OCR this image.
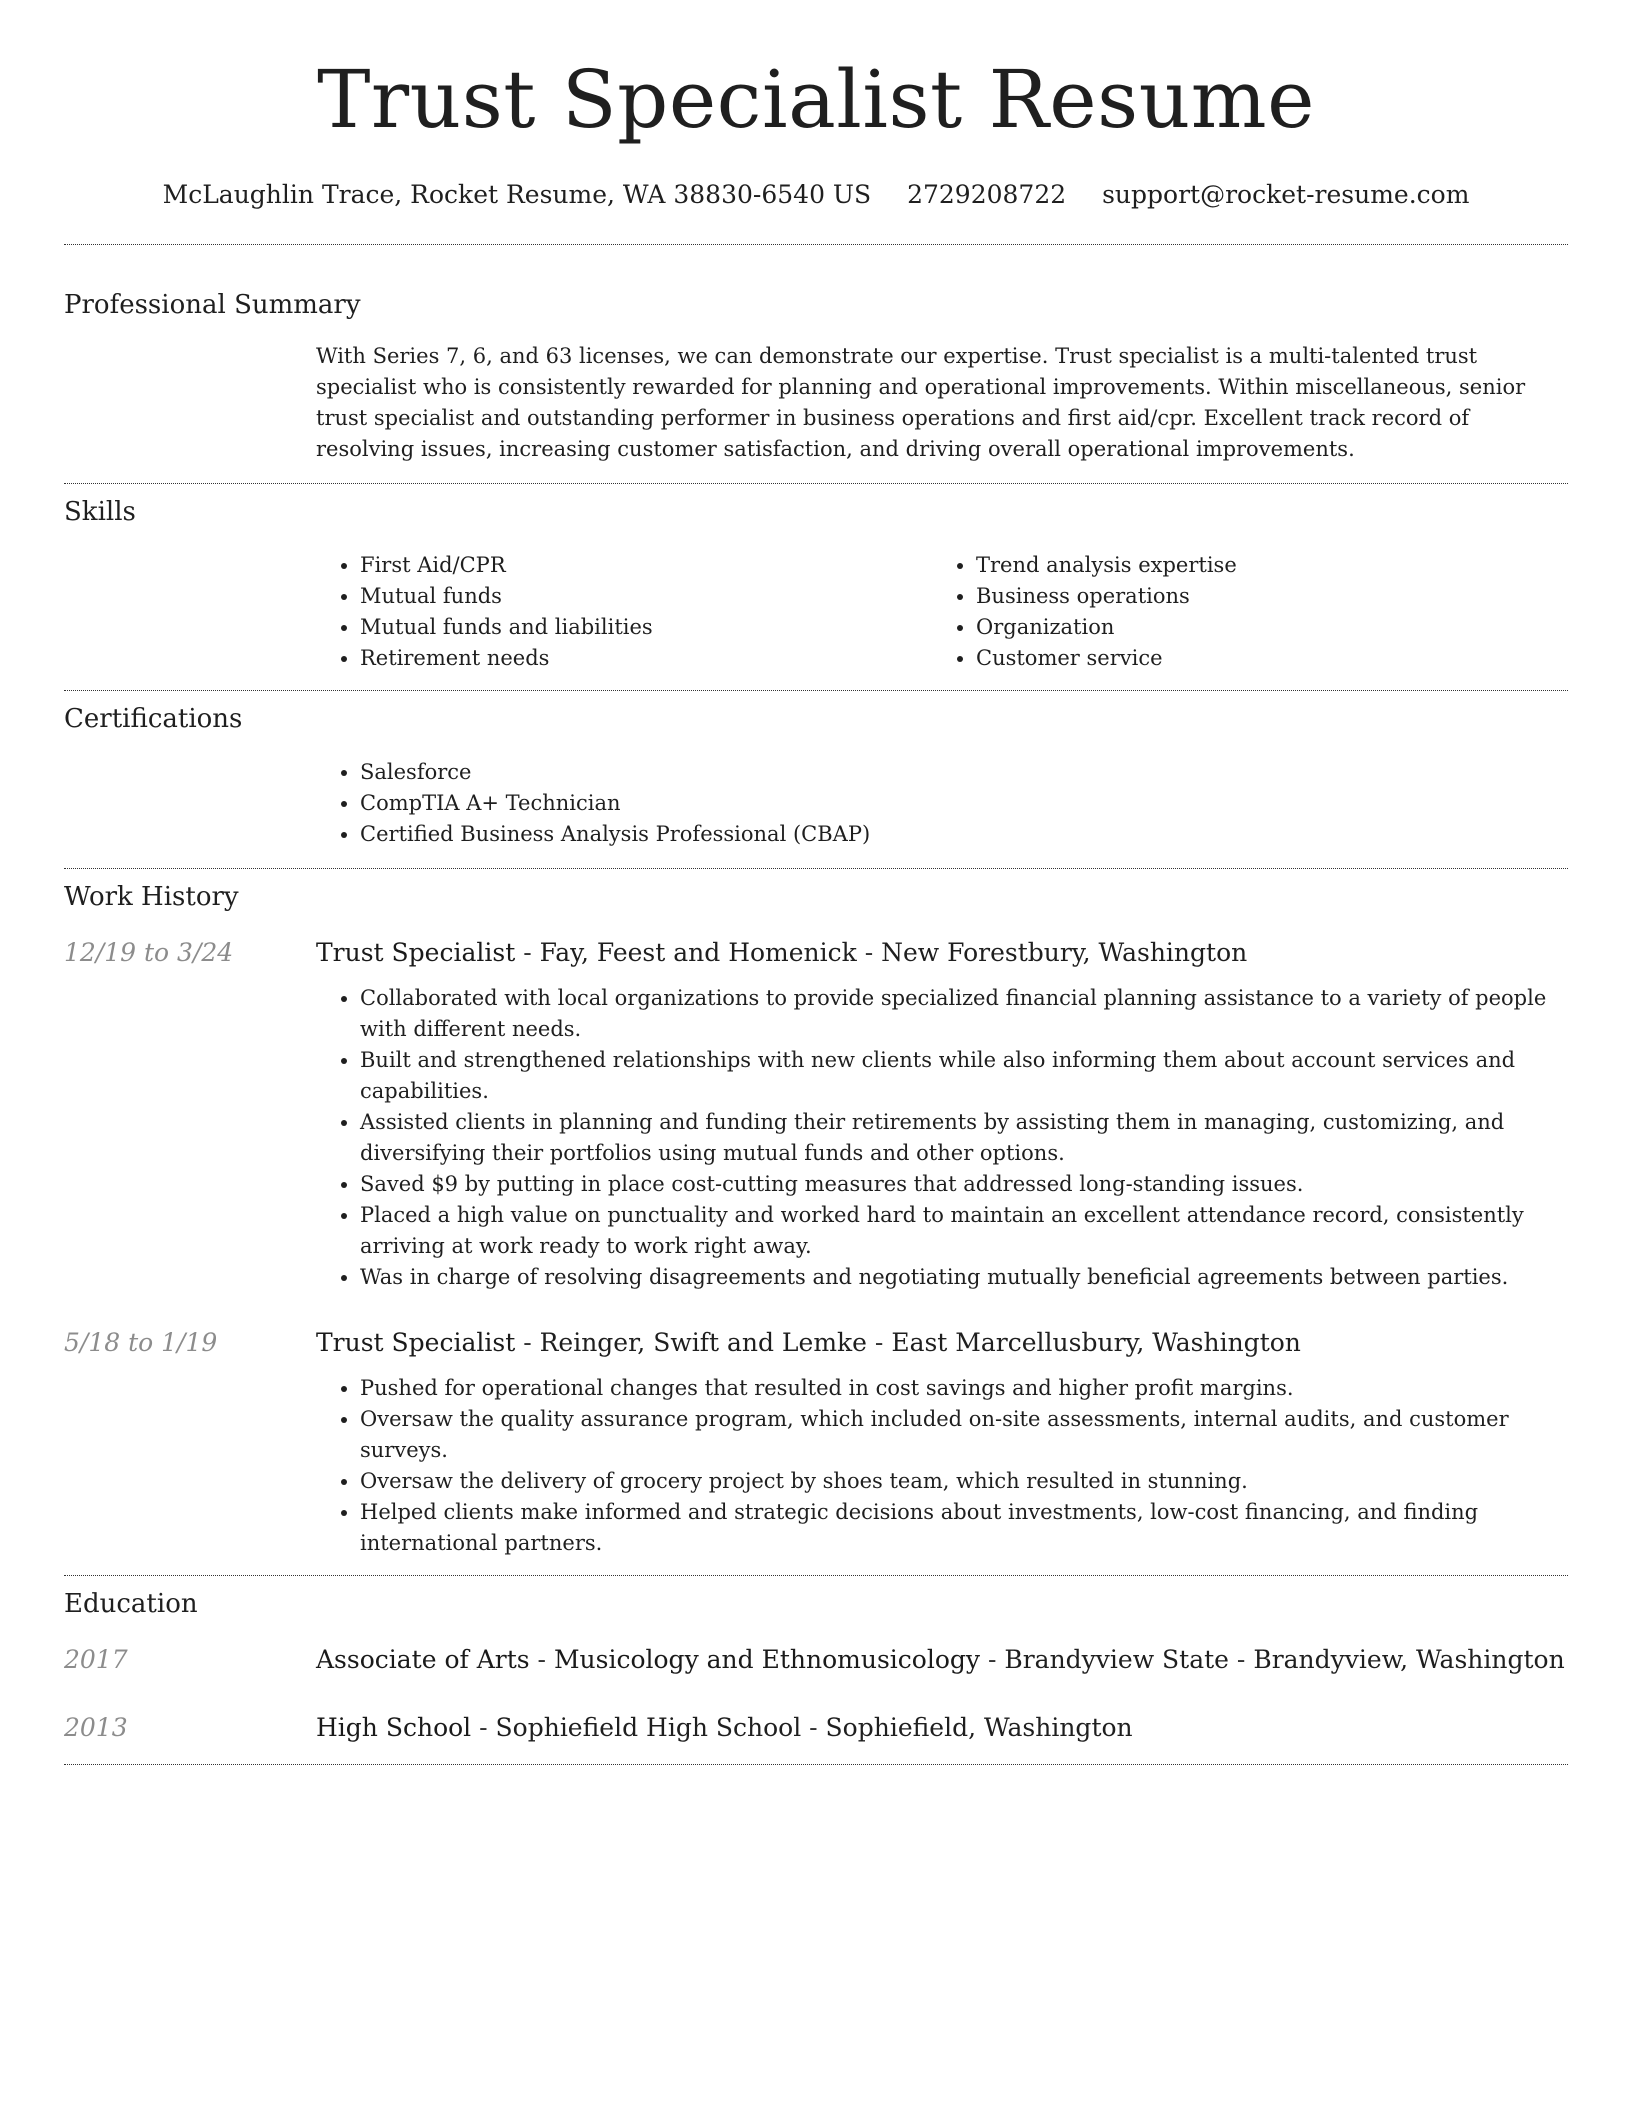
Trust Specialist Resume
McLaughlin Trace, Rocket Resume, WA 38830-6540 US 2729208722 support@rocket-resume.com
Professional Summary

With Series 7, 6, and 63 licenses, we can demonstrate our expertise. Trust specialist is a multi-talented trust specialist who is consistently rewarded for planning and operational improvements. Within miscellaneous, senior trust specialist and outstanding performer in business operations and first aid/cpr. Excellent track record of resolving issues, increasing customer satisfaction, and driving overall operational improvements.

Skills
• First Aid/CPR
• Mutual funds
• Mutual funds and liabilities
• Retirement needs
• Trend analysis expertise
• Business operations
• Organization
• Customer service
Certifications
• Salesforce
• CompTIA A+ Technician
• Certified Business Analysis Professional (CBAP)
Work History
12/19 to 3/24	Trust Specialist - Fay, Feest and Homenick - New Forestbury, Washington
• Collaborated with local organizations to provide specialized financial planning assistance to a variety of people with different needs.
• Built and strengthened relationships with new clients while also informing them about account services and capabilities.
• Assisted clients in planning and funding their retirements by assisting them in managing, customizing, and diversifying their portfolios using mutual funds and other options.
• Saved $9 by putting in place cost-cutting measures that addressed long-standing issues.
• Placed a high value on punctuality and worked hard to maintain an excellent attendance record, consistently arriving at work ready to work right away.
• Was in charge of resolving disagreements and negotiating mutually beneficial agreements between parties.
5/18 to 1/19	Trust Specialist - Reinger, Swift and Lemke - East Marcellusbury, Washington
• Pushed for operational changes that resulted in cost savings and higher profit margins.
• Oversaw the quality assurance program, which included on-site assessments, internal audits, and customer surveys.
• Oversaw the delivery of grocery project by shoes team, which resulted in stunning.
• Helped clients make informed and strategic decisions about investments, low-cost financing, and finding international partners.
Education
2017	Associate of Arts - Musicology and Ethnomusicology - Brandyview State - Brandyview, Washington
2013	High School - Sophiefield High School - Sophiefield, Washington
